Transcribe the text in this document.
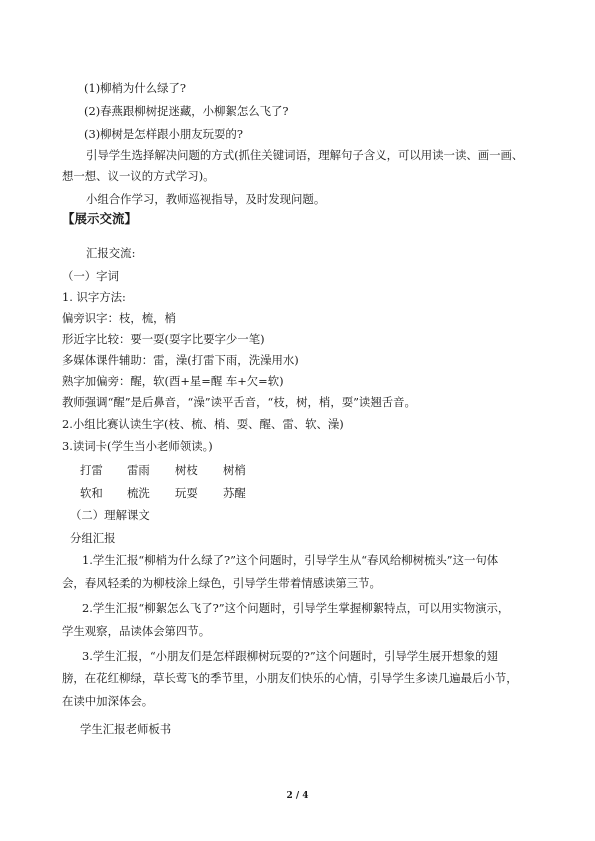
(1)柳梢为什么绿了?
(2)春燕跟柳树捉迷藏，小柳絮怎么飞了?
(3)柳树是怎样跟小朋友玩耍的?
引导学生选择解决问题的方式(抓住关键词语，理解句子含义，可以用读一读、画一画、
想一想、议一议的方式学习)。
小组合作学习，教师巡视指导，及时发现问题。
【展示交流】
汇报交流:
（一）字词
1. 识字方法:
偏旁识字：枝，梳，梢
形近字比较：要一耍(耍字比要字少一笔)
多媒体课件辅助：雷，澡(打雷下雨，洗澡用水)
熟字加偏旁：醒，软(酉+星=醒 车+欠=软)
教师强调“醒”是后鼻音，“澡”读平舌音，“枝，树，梢，耍”读翘舌音。
2.小组比赛认读生字(枝、梳、梢、耍、醒、雷、软、澡)
3.读词卡(学生当小老师领读。)
打雷 雷雨 树枝 树梢
软和 梳洗 玩耍 苏醒
（二）理解课文
分组汇报
1.学生汇报“柳梢为什么绿了?”这个问题时，引导学生从“春风给柳树梳头”这一句体
会，春风轻柔的为柳枝涂上绿色，引导学生带着情感读第三节。
2.学生汇报“柳絮怎么飞了?”这个问题时，引导学生掌握柳絮特点，可以用实物演示，
学生观察，品读体会第四节。
3.学生汇报，“小朋友们是怎样跟柳树玩耍的?”这个问题时，引导学生展开想象的翅
膀，在花红柳绿，草长莺飞的季节里，小朋友们快乐的心情，引导学生多读几遍最后小节，
在读中加深体会。
学生汇报老师板书
2 / 4
